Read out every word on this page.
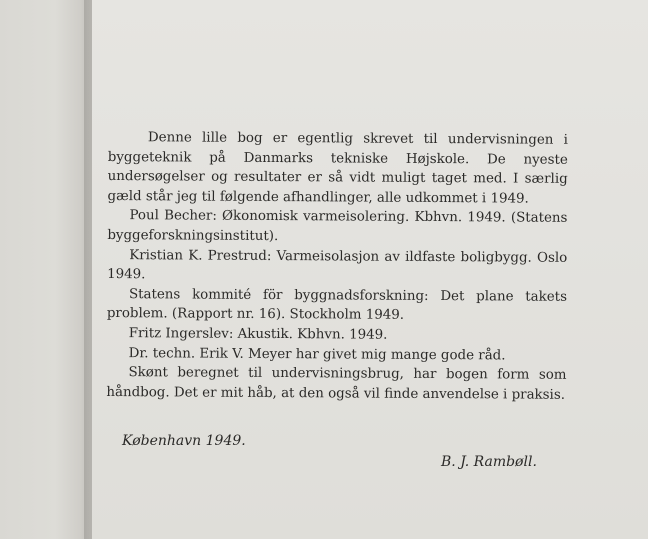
Denne lille bog er egentlig skrevet til undervisningen i byggeteknik på Danmarks tekniske Højskole. De nyeste undersøgelser og resultater er så vidt muligt taget med. I særlig gæld står jeg til følgende afhandlinger, alle udkommet i 1949.

Poul Becher: Økonomisk varmeisolering. Kbhvn. 1949. (Statens byggeforskningsinstitut).

Kristian K. Prestrud: Varmeisolasjon av ildfaste boligbygg. Oslo 1949.

Statens kommité för byggnadsforskning: Det plane takets problem. (Rapport nr. 16). Stockholm 1949.

Fritz Ingerslev: Akustik. Kbhvn. 1949.

Dr. techn. Erik V. Meyer har givet mig mange gode råd.

Skønt beregnet til undervisningsbrug, har bogen form som håndbog. Det er mit håb, at den også vil finde anvendelse i praksis.

København 1949.
B. J. Rambøll.
